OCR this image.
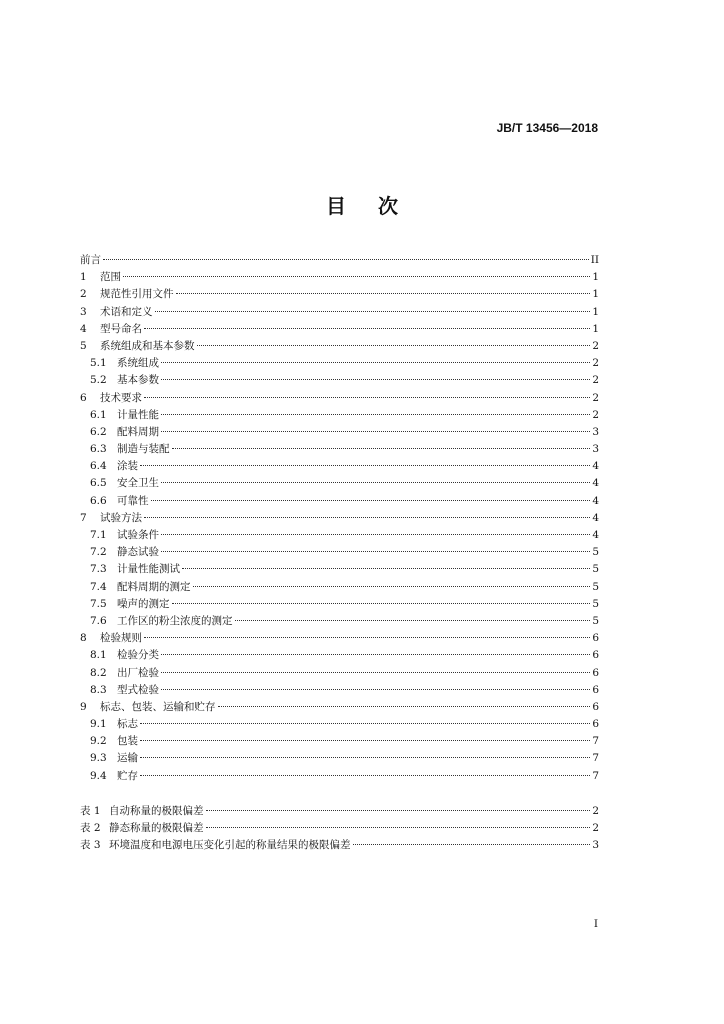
JB/T 13456—2018
目次
前言	II
1	范围	1
2	规范性引用文件	1
3	术语和定义	1
4	型号命名	1
5	系统组成和基本参数	2
5.1 系统组成	2
5.2 基本参数	2
6	技术要求	2
6.1 计量性能	2
6.2 配料周期	3
6.3 制造与装配	3
6.4 涂装	4
6.5 安全卫生	4
6.6 可靠性	4
7	试验方法	4
7.1 试验条件	4
7.2 静态试验	5
7.3 计量性能测试	5
7.4 配料周期的测定	5
7.5 噪声的测定	5
7.6 工作区的粉尘浓度的测定	5
8	检验规则	6
8.1 检验分类	6
8.2 出厂检验	6
8.3 型式检验	6
9	标志、包装、运输和贮存	6
9.1 标志	6
9.2 包装	7
9.3 运输	7
9.4 贮存	7
表 1 自动称量的极限偏差	2
表 2 静态称量的极限偏差	2
表 3 环境温度和电源电压变化引起的称量结果的极限偏差	3
I
